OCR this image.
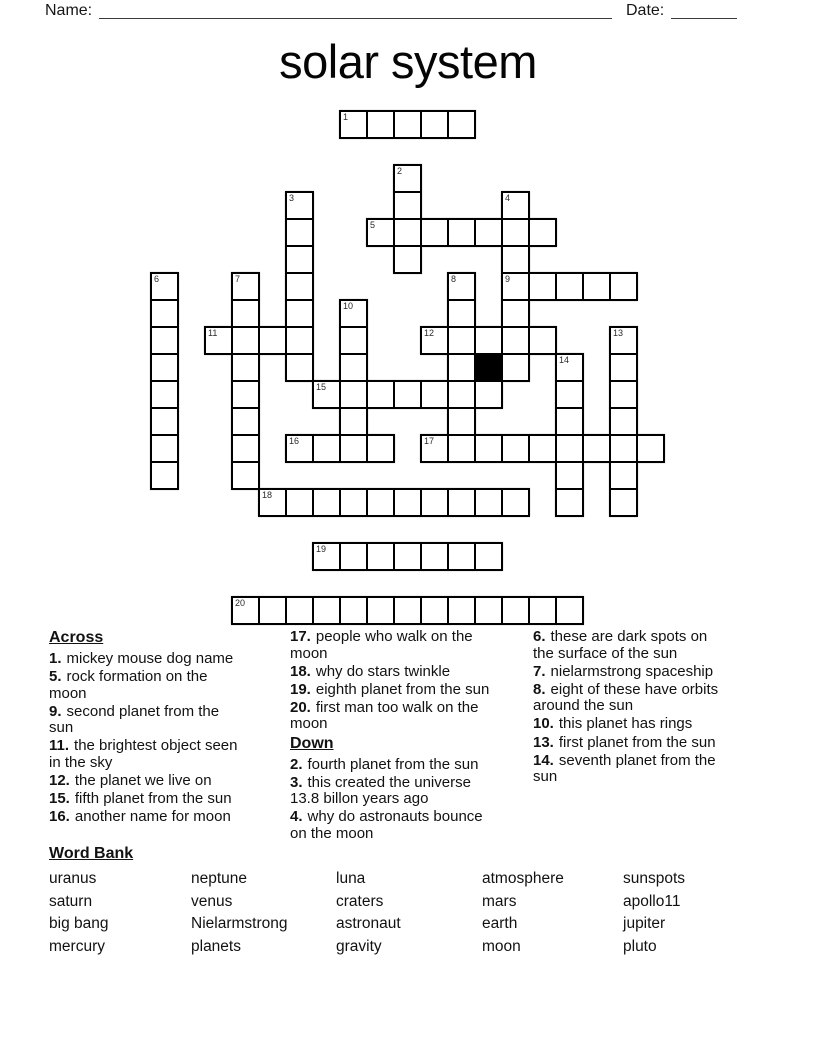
Name:	Date:
solar system
1
2
3	4
9
5
6	7	8
10
11	12	13
14
15
16	17
18
19
20

Across

1. mickey mouse dog name

5. rock formation on the
moon

9. second planet from the
sun

11. the brightest object seen
in the sky

12. the planet we live on

15. fifth planet from the sun

16. another name for moon

17. people who walk on the
moon

18. why do stars twinkle

19. eighth planet from the sun

20. first man too walk on the
moon

Down

2. fourth planet from the sun

3. this created the universe
13.8 billon years ago

4. why do astronauts bounce
on the moon

6. these are dark spots on
the surface of the sun

7. nielarmstrong spaceship

8. eight of these have orbits
around the sun

10. this planet has rings

13. first planet from the sun

14. seventh planet from the
sun

Word Bank

uranus	neptune	luna	atmosphere	sunspots
saturn	venus	craters	mars	apollo11
big bang	Nielarmstrong	astronaut	earth	jupiter
mercury	planets	gravity	moon	pluto
